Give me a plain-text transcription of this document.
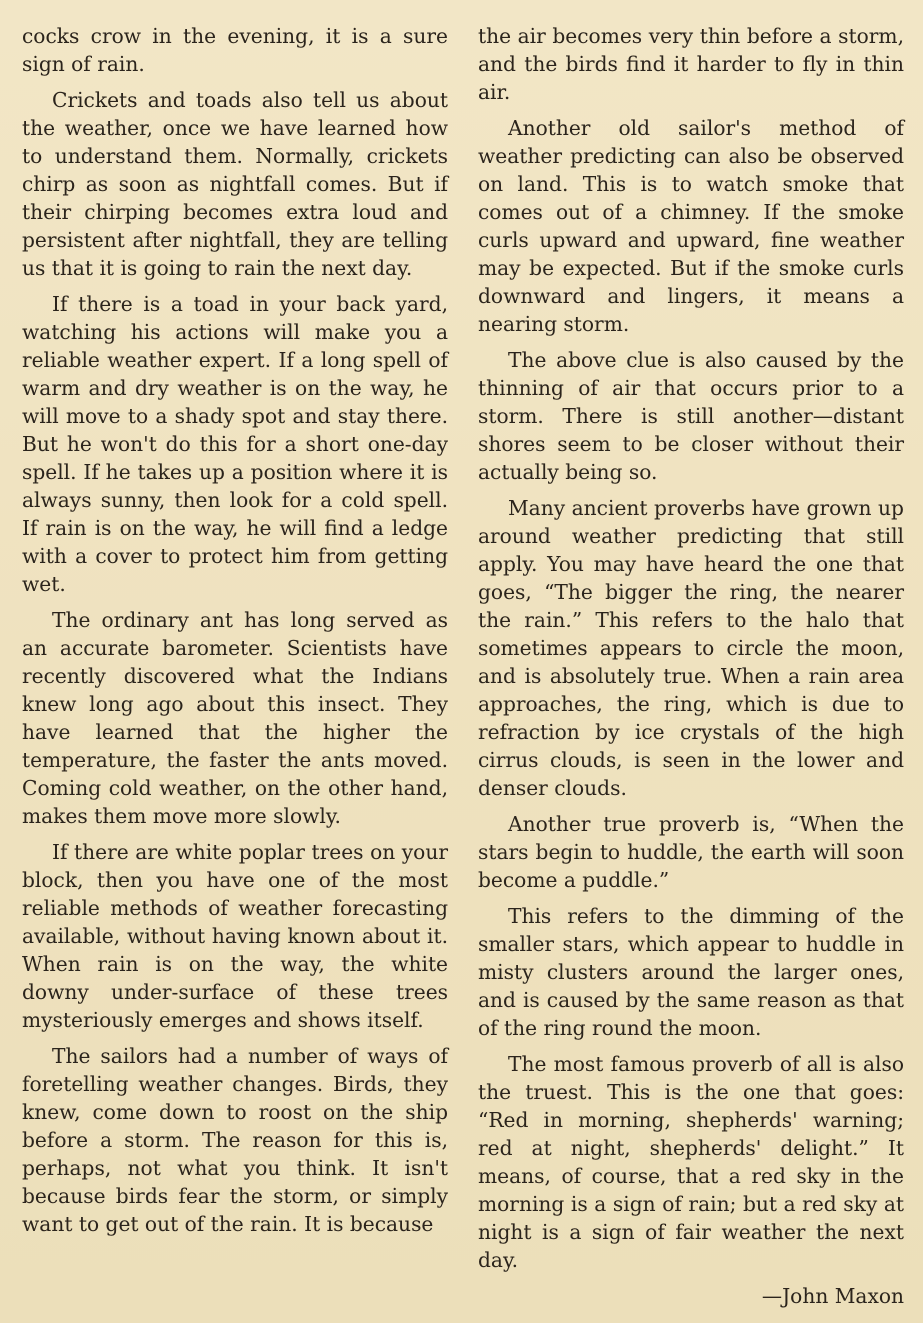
cocks crow in the evening, it is a sure sign of rain.

Crickets and toads also tell us about the weather, once we have learned how to understand them. Normally, crickets chirp as soon as nightfall comes. But if their chirping becomes extra loud and persistent after nightfall, they are telling us that it is going to rain the next day.

If there is a toad in your back yard, watching his actions will make you a reliable weather expert. If a long spell of warm and dry weather is on the way, he will move to a shady spot and stay there. But he won't do this for a short one-day spell. If he takes up a position where it is always sunny, then look for a cold spell. If rain is on the way, he will find a ledge with a cover to protect him from getting wet.

The ordinary ant has long served as an accurate barometer. Scientists have recently discovered what the Indians knew long ago about this insect. They have learned that the higher the temperature, the faster the ants moved. Coming cold weather, on the other hand, makes them move more slowly.

If there are white poplar trees on your block, then you have one of the most reliable methods of weather forecasting available, without having known about it. When rain is on the way, the white downy under-surface of these trees mysteriously emerges and shows itself.

The sailors had a number of ways of foretelling weather changes. Birds, they knew, come down to roost on the ship before a storm. The reason for this is, perhaps, not what you think. It isn't because birds fear the storm, or simply want to get out of the rain. It is because

the air becomes very thin before a storm, and the birds find it harder to fly in thin air.

Another old sailor's method of weather predicting can also be observed on land. This is to watch smoke that comes out of a chimney. If the smoke curls upward and upward, fine weather may be expected. But if the smoke curls downward and lingers, it means a nearing storm.

The above clue is also caused by the thinning of air that occurs prior to a storm. There is still another—distant shores seem to be closer without their actually being so.

Many ancient proverbs have grown up around weather predicting that still apply. You may have heard the one that goes, “The bigger the ring, the nearer the rain.” This refers to the halo that sometimes appears to circle the moon, and is absolutely true. When a rain area approaches, the ring, which is due to refraction by ice crystals of the high cirrus clouds, is seen in the lower and denser clouds.

Another true proverb is, “When the stars begin to huddle, the earth will soon become a puddle.”

This refers to the dimming of the smaller stars, which appear to huddle in misty clusters around the larger ones, and is caused by the same reason as that of the ring round the moon.

The most famous proverb of all is also the truest. This is the one that goes: “Red in morning, shepherds' warning; red at night, shepherds' delight.” It means, of course, that a red sky in the morning is a sign of rain; but a red sky at night is a sign of fair weather the next day.

—John Maxon
